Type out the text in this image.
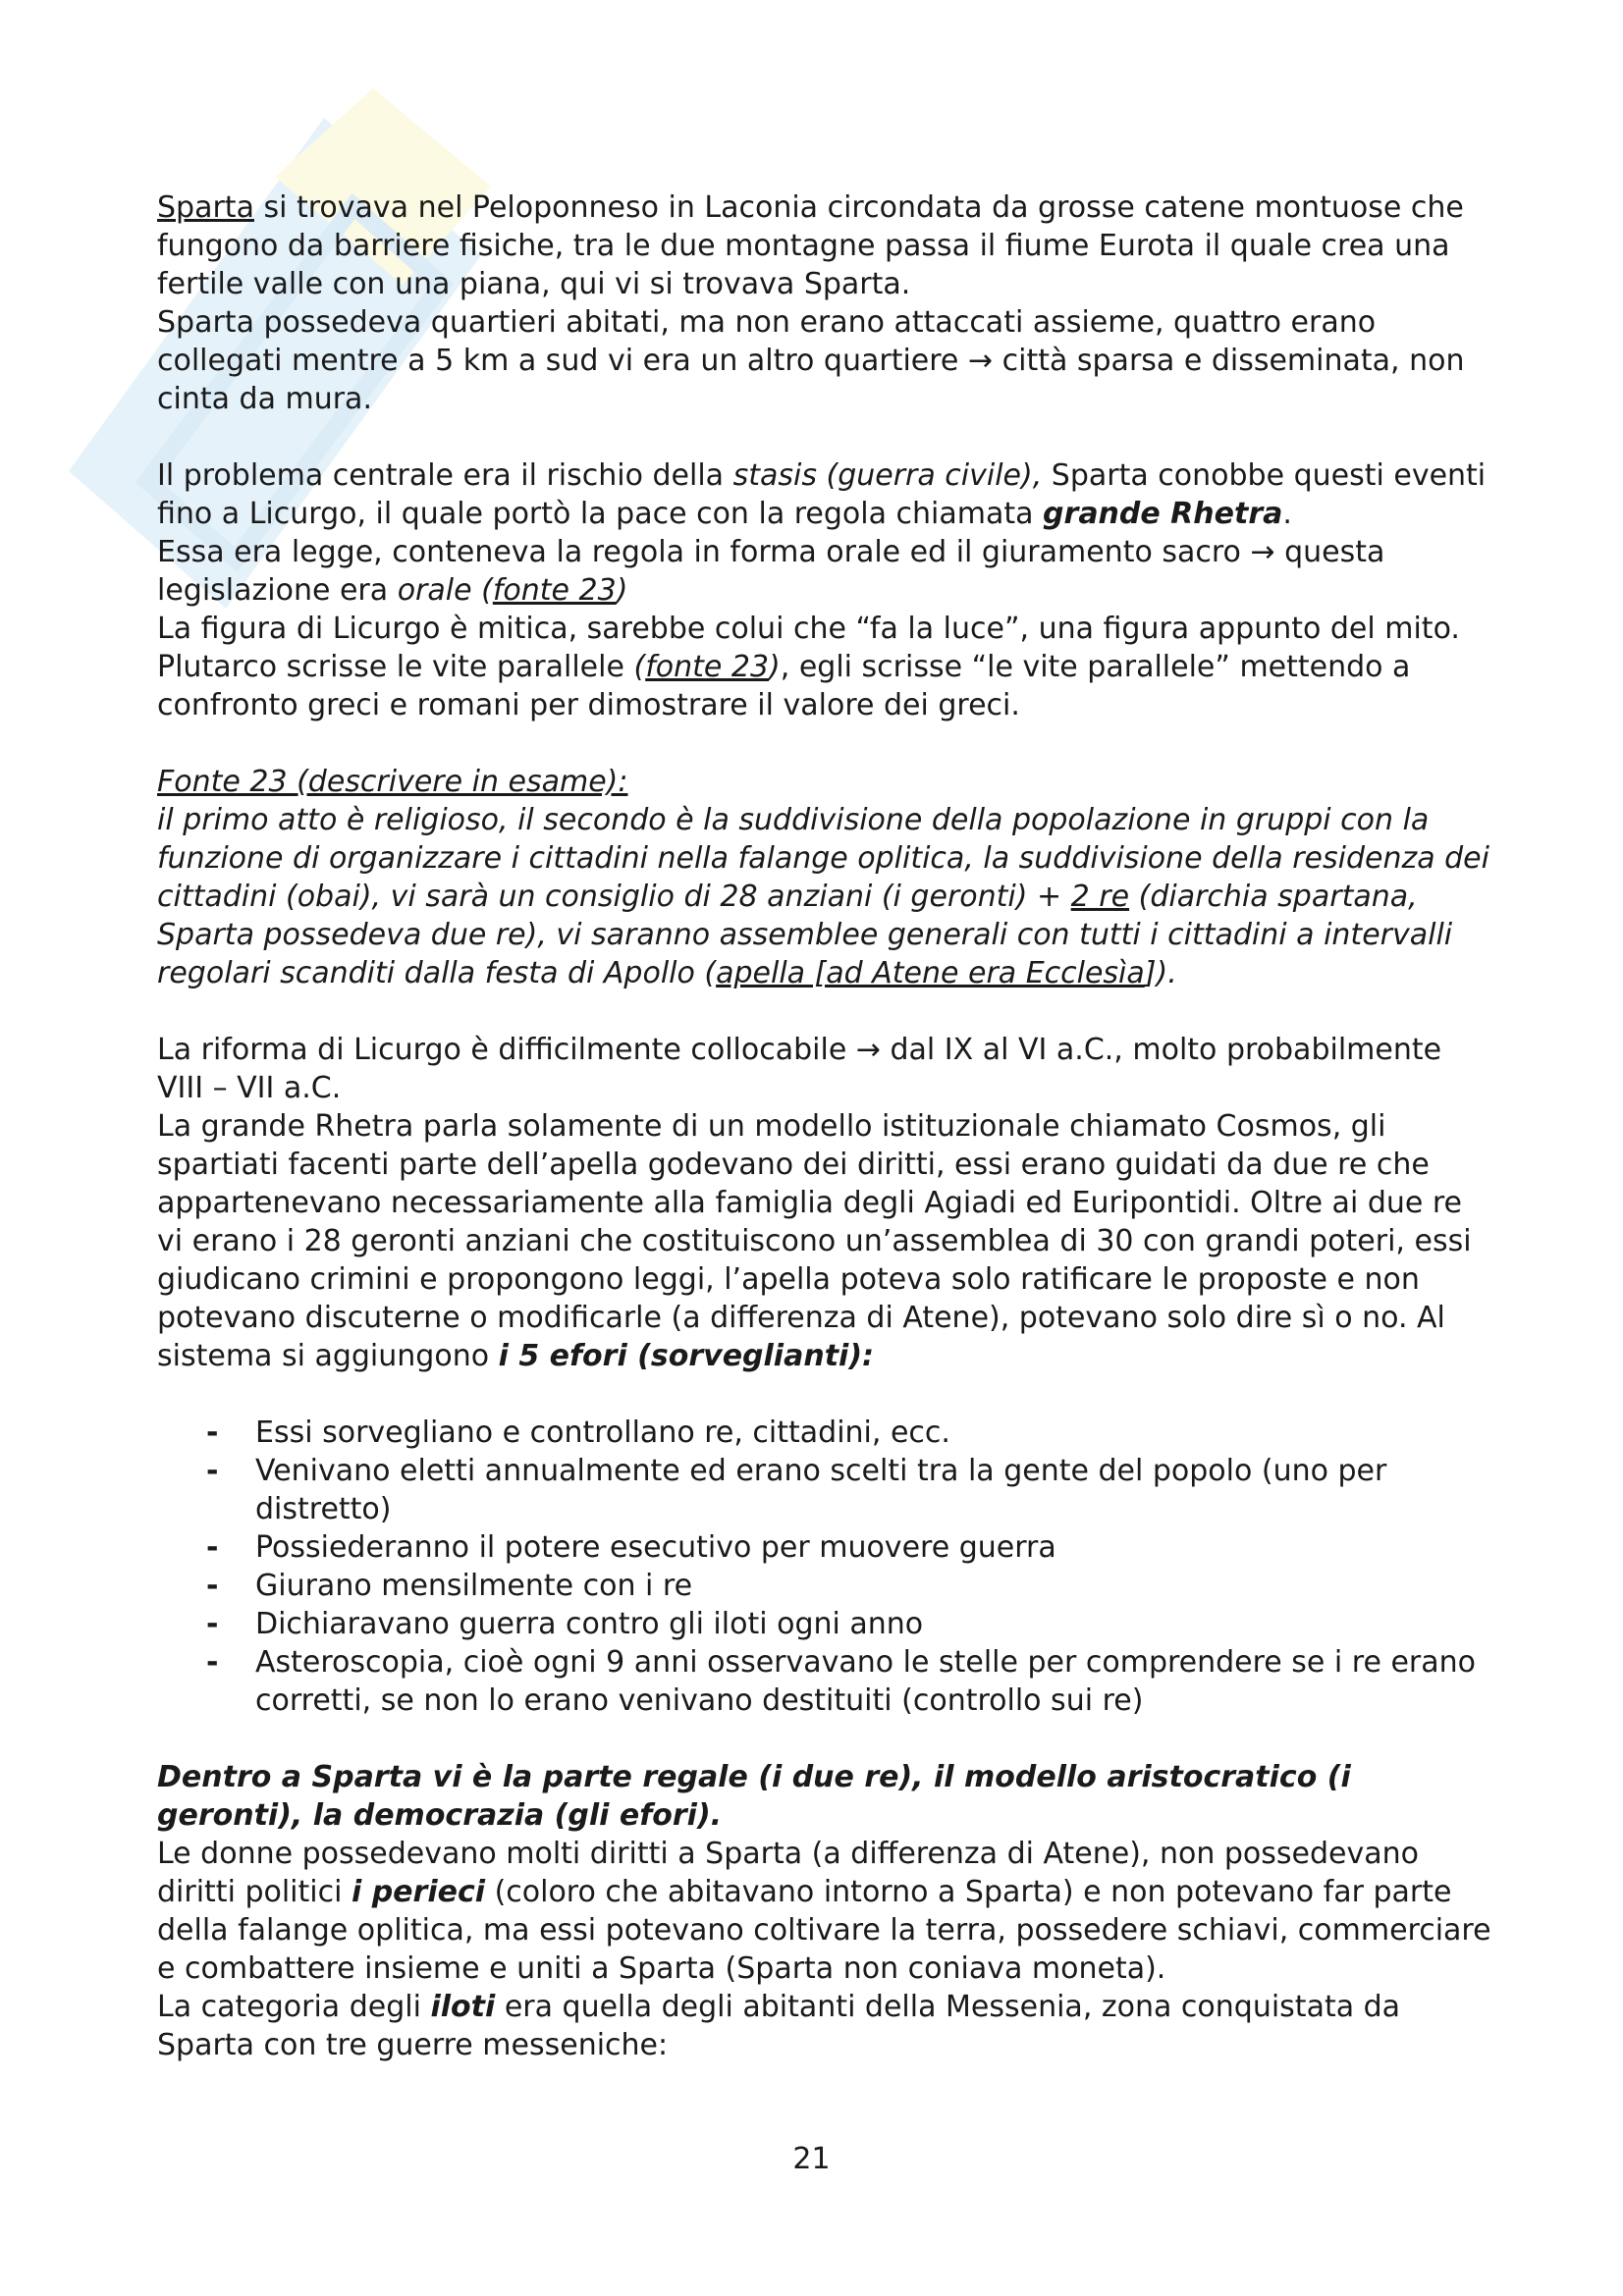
Sparta si trovava nel Peloponneso in Laconia circondata da grosse catene montuose che fungono da barriere fisiche, tra le due montagne passa il fiume Eurota il quale crea una fertile valle con una piana, qui vi si trovava Sparta.

Sparta possedeva quartieri abitati, ma non erano attaccati assieme, quattro erano collegati mentre a 5 km a sud vi era un altro quartiere → città sparsa e disseminata, non cinta da mura.

Il problema centrale era il rischio della stasis (guerra civile), Sparta conobbe questi eventi fino a Licurgo, il quale portò la pace con la regola chiamata grande Rhetra.

Essa era legge, conteneva la regola in forma orale ed il giuramento sacro → questa legislazione era orale (fonte 23)

La figura di Licurgo è mitica, sarebbe colui che “fa la luce”, una figura appunto del mito.

Plutarco scrisse le vite parallele (fonte 23), egli scrisse “le vite parallele” mettendo a confronto greci e romani per dimostrare il valore dei greci.

Fonte 23 (descrivere in esame):

il primo atto è religioso, il secondo è la suddivisione della popolazione in gruppi con la funzione di organizzare i cittadini nella falange oplitica, la suddivisione della residenza dei cittadini (obai), vi sarà un consiglio di 28 anziani (i geronti) + 2 re (diarchia spartana, Sparta possedeva due re), vi saranno assemblee generali con tutti i cittadini a intervalli regolari scanditi dalla festa di Apollo (apella [ad Atene era Ecclesìa]).

La riforma di Licurgo è difficilmente collocabile → dal IX al VI a.C., molto probabilmente VIII – VII a.C.

La grande Rhetra parla solamente di un modello istituzionale chiamato Cosmos, gli spartiati facenti parte dell’apella godevano dei diritti, essi erano guidati da due re che appartenevano necessariamente alla famiglia degli Agiadi ed Euripontidi. Oltre ai due re vi erano i 28 geronti anziani che costituiscono un’assemblea di 30 con grandi poteri, essi giudicano crimini e propongono leggi, l’apella poteva solo ratificare le proposte e non potevano discuterne o modificarle (a differenza di Atene), potevano solo dire sì o no. Al sistema si aggiungono i 5 efori (sorveglianti):

- Essi sorvegliano e controllano re, cittadini, ecc.
- Venivano eletti annualmente ed erano scelti tra la gente del popolo (uno per distretto)
- Possiederanno il potere esecutivo per muovere guerra
- Giurano mensilmente con i re
- Dichiaravano guerra contro gli iloti ogni anno
- Asteroscopia, cioè ogni 9 anni osservavano le stelle per comprendere se i re erano corretti, se non lo erano venivano destituiti (controllo sui re)

Dentro a Sparta vi è la parte regale (i due re), il modello aristocratico (i geronti), la democrazia (gli efori).

Le donne possedevano molti diritti a Sparta (a differenza di Atene), non possedevano diritti politici i perieci (coloro che abitavano intorno a Sparta) e non potevano far parte della falange oplitica, ma essi potevano coltivare la terra, possedere schiavi, commerciare e combattere insieme e uniti a Sparta (Sparta non coniava moneta).

La categoria degli iloti era quella degli abitanti della Messenia, zona conquistata da Sparta con tre guerre messeniche:

21
